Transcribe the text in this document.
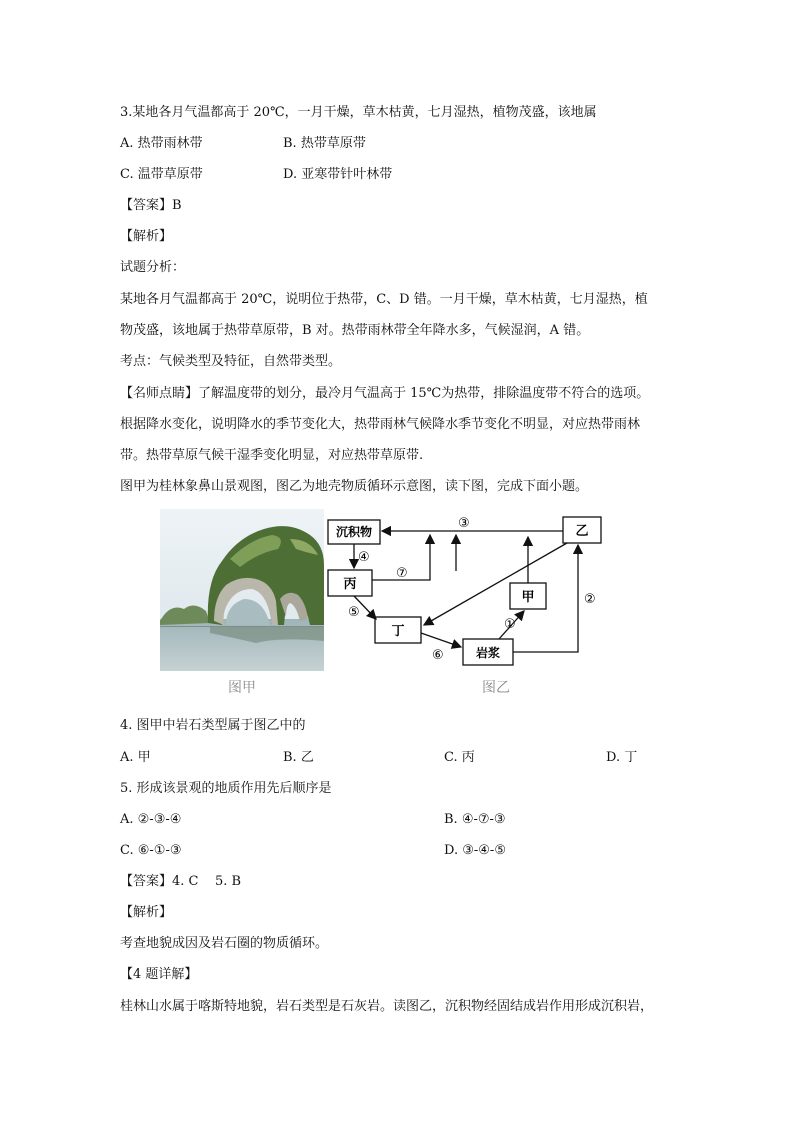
3.某地各月气温都高于 20℃，一月干燥，草木枯黄，七月湿热，植物茂盛，该地属
A. 热带雨林带	B. 热带草原带
C. 温带草原带	D. 亚寒带针叶林带
【答案】B
【解析】
试题分析：
某地各月气温都高于 20℃，说明位于热带，C、D 错。一月干燥，草木枯黄，七月湿热，植
物茂盛，该地属于热带草原带，B 对。热带雨林带全年降水多，气候湿润，A 错。
考点：气候类型及特征，自然带类型。
【名师点睛】了解温度带的划分，最冷月气温高于 15℃为热带，排除温度带不符合的选项。
根据降水变化，说明降水的季节变化大，热带雨林气候降水季节变化不明显，对应热带雨林
带。热带草原气候干湿季变化明显，对应热带草原带.
图甲为桂林象鼻山景观图，图乙为地壳物质循环示意图，读下图，完成下面小题。
沉积物	乙
丙
甲
丁
岩浆
③
④
⑦
⑤
⑥
①
②
图甲	图乙
4. 图甲中岩石类型属于图乙中的
A. 甲	B. 乙	C. 丙	D. 丁
5. 形成该景观的地质作用先后顺序是
A. ②-③-④	B. ④-⑦-③
C. ⑥-①-③	D. ③-④-⑤
【答案】4. C    5. B
【解析】
考查地貌成因及岩石圈的物质循环。
【4 题详解】
桂林山水属于喀斯特地貌，岩石类型是石灰岩。读图乙，沉积物经固结成岩作用形成沉积岩，
